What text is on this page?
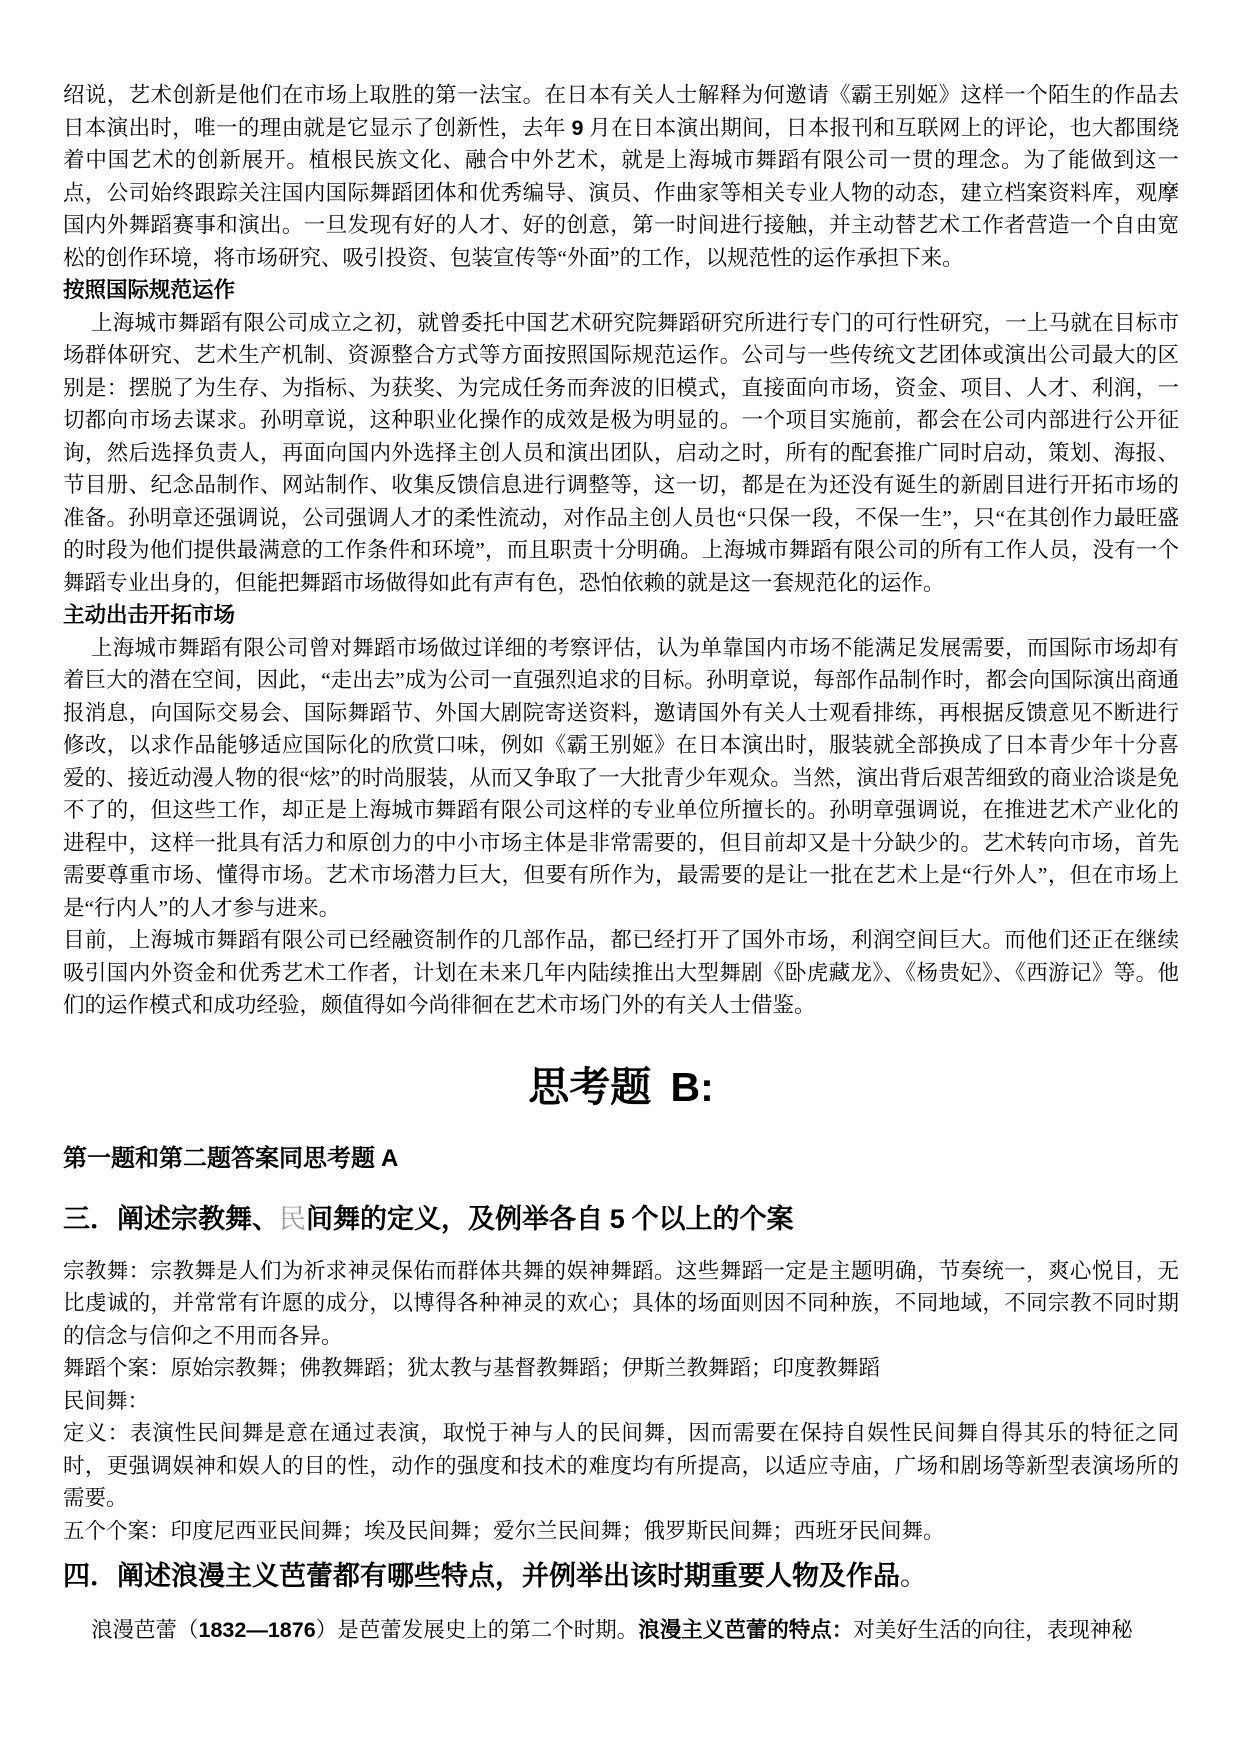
绍说，艺术创新是他们在市场上取胜的第一法宝。在日本有关人士解释为何邀请《霸王别姬》这样一个陌生的作品去日本演出时，唯一的理由就是它显示了创新性，去年 9 月在日本演出期间，日本报刊和互联网上的评论，也大都围绕着中国艺术的创新展开。植根民族文化、融合中外艺术，就是上海城市舞蹈有限公司一贯的理念。为了能做到这一点，公司始终跟踪关注国内国际舞蹈团体和优秀编导、演员、作曲家等相关专业人物的动态，建立档案资料库，观摩国内外舞蹈赛事和演出。一旦发现有好的人才、好的创意，第一时间进行接触，并主动替艺术工作者营造一个自由宽松的创作环境，将市场研究、吸引投资、包装宣传等“外面”的工作，以规范性的运作承担下来。

按照国际规范运作

上海城市舞蹈有限公司成立之初，就曾委托中国艺术研究院舞蹈研究所进行专门的可行性研究，一上马就在目标市场群体研究、艺术生产机制、资源整合方式等方面按照国际规范运作。公司与一些传统文艺团体或演出公司最大的区别是：摆脱了为生存、为指标、为获奖、为完成任务而奔波的旧模式，直接面向市场，资金、项目、人才、利润，一切都向市场去谋求。孙明章说，这种职业化操作的成效是极为明显的。一个项目实施前，都会在公司内部进行公开征询，然后选择负责人，再面向国内外选择主创人员和演出团队，启动之时，所有的配套推广同时启动，策划、海报、节目册、纪念品制作、网站制作、收集反馈信息进行调整等，这一切，都是在为还没有诞生的新剧目进行开拓市场的准备。孙明章还强调说，公司强调人才的柔性流动，对作品主创人员也“只保一段，不保一生”，只“在其创作力最旺盛的时段为他们提供最满意的工作条件和环境”，而且职责十分明确。上海城市舞蹈有限公司的所有工作人员，没有一个舞蹈专业出身的，但能把舞蹈市场做得如此有声有色，恐怕依赖的就是这一套规范化的运作。

主动出击开拓市场

上海城市舞蹈有限公司曾对舞蹈市场做过详细的考察评估，认为单靠国内市场不能满足发展需要，而国际市场却有着巨大的潜在空间，因此，“走出去”成为公司一直强烈追求的目标。孙明章说，每部作品制作时，都会向国际演出商通报消息，向国际交易会、国际舞蹈节、外国大剧院寄送资料，邀请国外有关人士观看排练，再根据反馈意见不断进行修改，以求作品能够适应国际化的欣赏口味，例如《霸王别姬》在日本演出时，服装就全部换成了日本青少年十分喜爱的、接近动漫人物的很“炫”的时尚服装，从而又争取了一大批青少年观众。当然，演出背后艰苦细致的商业洽谈是免不了的，但这些工作，却正是上海城市舞蹈有限公司这样的专业单位所擅长的。孙明章强调说，在推进艺术产业化的进程中，这样一批具有活力和原创力的中小市场主体是非常需要的，但目前却又是十分缺少的。艺术转向市场，首先需要尊重市场、懂得市场。艺术市场潜力巨大，但要有所作为，最需要的是让一批在艺术上是“行外人”，但在市场上是“行内人”的人才参与进来。

目前，上海城市舞蹈有限公司已经融资制作的几部作品，都已经打开了国外市场，利润空间巨大。而他们还正在继续吸引国内外资金和优秀艺术工作者，计划在未来几年内陆续推出大型舞剧《卧虎藏龙》、《杨贵妃》、《西游记》等。他们的运作模式和成功经验，颇值得如今尚徘徊在艺术市场门外的有关人士借鉴。

思考题 B:
第一题和第二题答案同思考题 A
三．阐述宗教舞、民间舞的定义，及例举各自 5 个以上的个案

宗教舞：宗教舞是人们为祈求神灵保佑而群体共舞的娱神舞蹈。这些舞蹈一定是主题明确，节奏统一，爽心悦目，无比虔诚的，并常常有许愿的成分，以博得各种神灵的欢心；具体的场面则因不同种族，不同地域，不同宗教不同时期的信念与信仰之不用而各异。

舞蹈个案：原始宗教舞；佛教舞蹈；犹太教与基督教舞蹈；伊斯兰教舞蹈；印度教舞蹈

民间舞：

定义：表演性民间舞是意在通过表演，取悦于神与人的民间舞，因而需要在保持自娱性民间舞自得其乐的特征之同时，更强调娱神和娱人的目的性，动作的强度和技术的难度均有所提高，以适应寺庙，广场和剧场等新型表演场所的需要。

五个个案：印度尼西亚民间舞；埃及民间舞；爱尔兰民间舞；俄罗斯民间舞；西班牙民间舞。

四．阐述浪漫主义芭蕾都有哪些特点，并例举出该时期重要人物及作品。

浪漫芭蕾（1832—1876）是芭蕾发展史上的第二个时期。浪漫主义芭蕾的特点：对美好生活的向往，表现神秘
